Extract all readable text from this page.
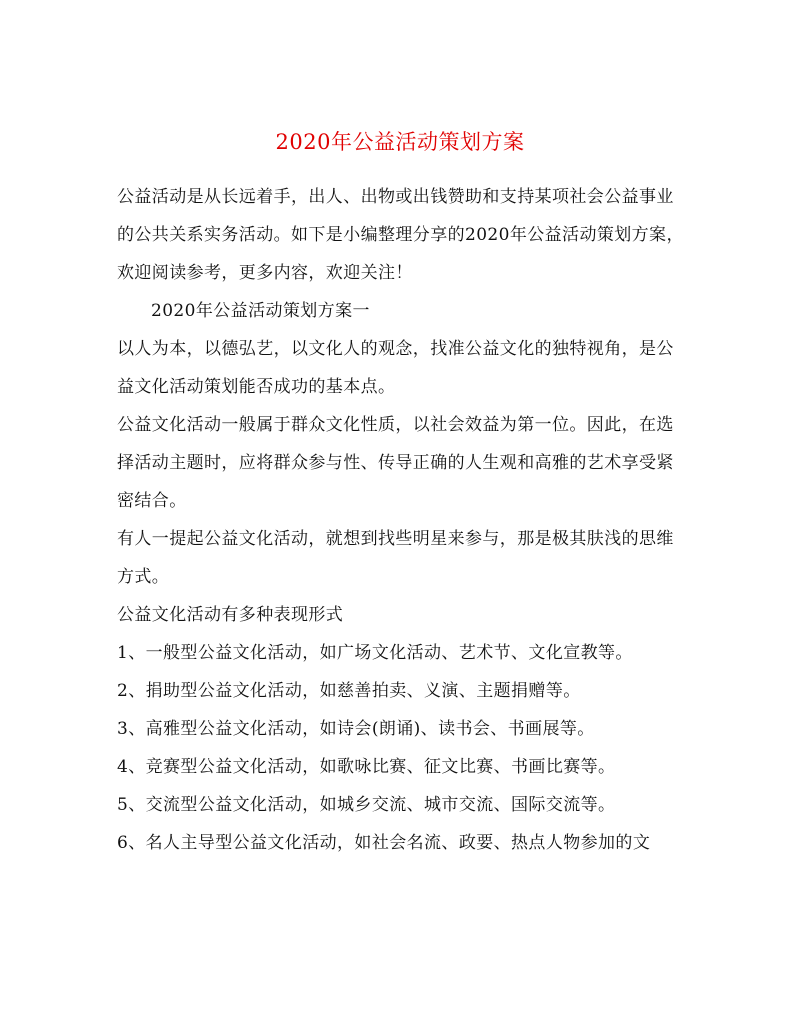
2020年公益活动策划方案

公益活动是从长远着手，出人、出物或出钱赞助和支持某项社会公益事业的公共关系实务活动。如下是小编整理分享的2020年公益活动策划方案，欢迎阅读参考，更多内容，欢迎关注！

2020年公益活动策划方案一

以人为本，以德弘艺，以文化人的观念，找准公益文化的独特视角，是公益文化活动策划能否成功的基本点。

公益文化活动一般属于群众文化性质，以社会效益为第一位。因此，在选择活动主题时，应将群众参与性、传导正确的人生观和高雅的艺术享受紧密结合。

有人一提起公益文化活动，就想到找些明星来参与，那是极其肤浅的思维方式。

公益文化活动有多种表现形式

1、一般型公益文化活动，如广场文化活动、艺术节、文化宣教等。

2、捐助型公益文化活动，如慈善拍卖、义演、主题捐赠等。

3、高雅型公益文化活动，如诗会(朗诵)、读书会、书画展等。

4、竞赛型公益文化活动，如歌咏比赛、征文比赛、书画比赛等。

5、交流型公益文化活动，如城乡交流、城市交流、国际交流等。

6、名人主导型公益文化活动，如社会名流、政要、热点人物参加的文
